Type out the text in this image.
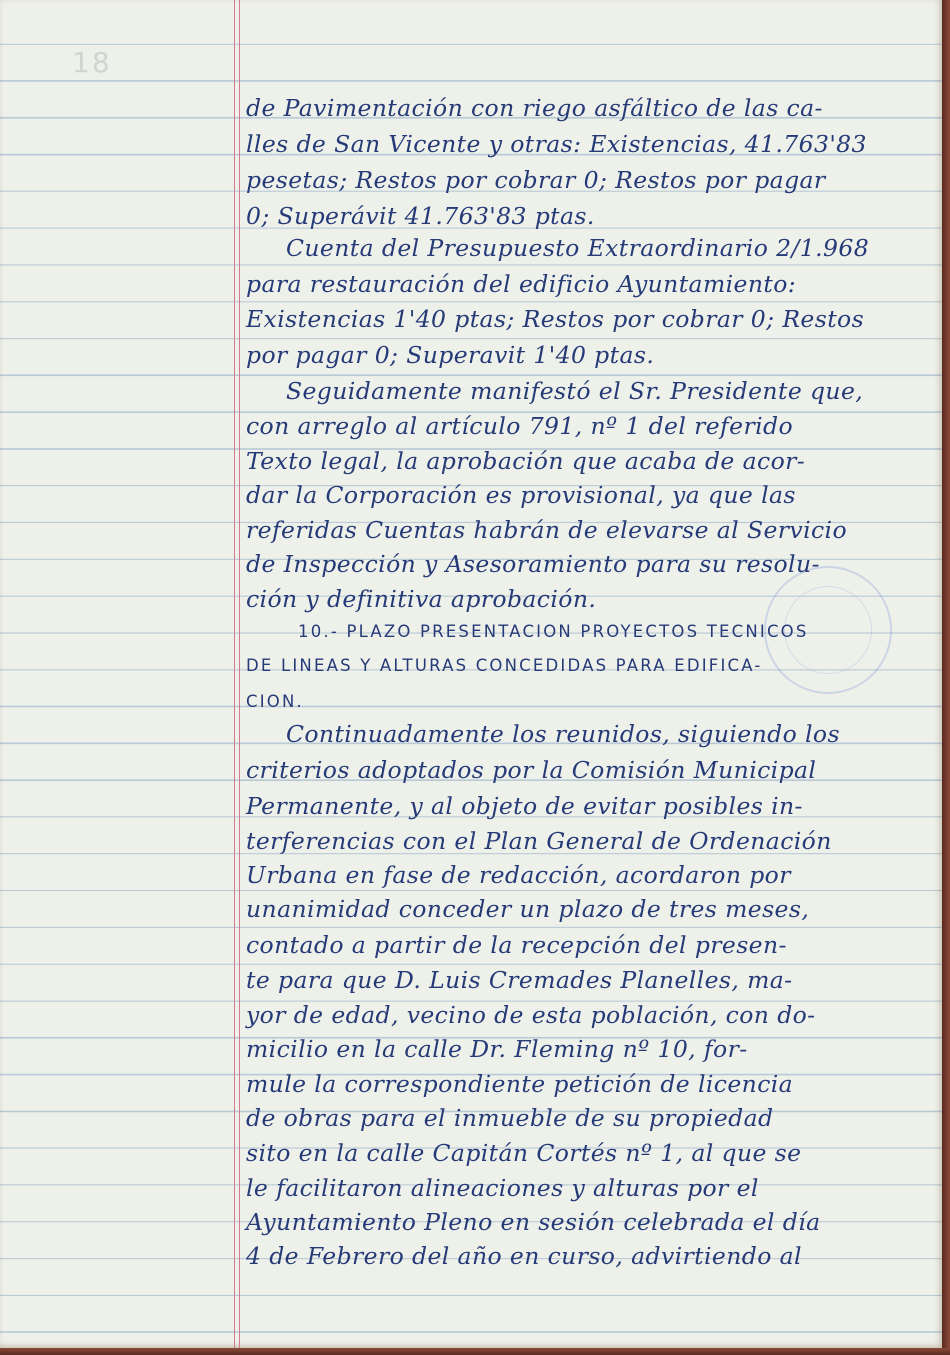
18
de Pavimentación con riego asfáltico de las ca-
lles de San Vicente y otras: Existencias, 41.763'83
pesetas; Restos por cobrar 0; Restos por pagar
0; Superávit 41.763'83 ptas.
Cuenta del Presupuesto Extraordinario 2/1.968
para restauración del edificio Ayuntamiento:
Existencias 1'40 ptas; Restos por cobrar 0; Restos
por pagar 0; Superavit 1'40 ptas.
Seguidamente manifestó el Sr. Presidente que,
con arreglo al artículo 791, nº 1 del referido
Texto legal, la aprobación que acaba de acor-
dar la Corporación es provisional, ya que las
referidas Cuentas habrán de elevarse al Servicio
de Inspección y Asesoramiento para su resolu-
ción y definitiva aprobación.
10.- PLAZO PRESENTACION PROYECTOS TECNICOS
DE LINEAS Y ALTURAS CONCEDIDAS PARA EDIFICA-
CION.
Continuadamente los reunidos, siguiendo los
criterios adoptados por la Comisión Municipal
Permanente, y al objeto de evitar posibles in-
terferencias con el Plan General de Ordenación
Urbana en fase de redacción, acordaron por
unanimidad conceder un plazo de tres meses,
contado a partir de la recepción del presen-
te para que D. Luis Cremades Planelles, ma-
yor de edad, vecino de esta población, con do-
micilio en la calle Dr. Fleming nº 10, for-
mule la correspondiente petición de licencia
de obras para el inmueble de su propiedad
sito en la calle Capitán Cortés nº 1, al que se
le facilitaron alineaciones y alturas por el
Ayuntamiento Pleno en sesión celebrada el día
4 de Febrero del año en curso, advirtiendo al
